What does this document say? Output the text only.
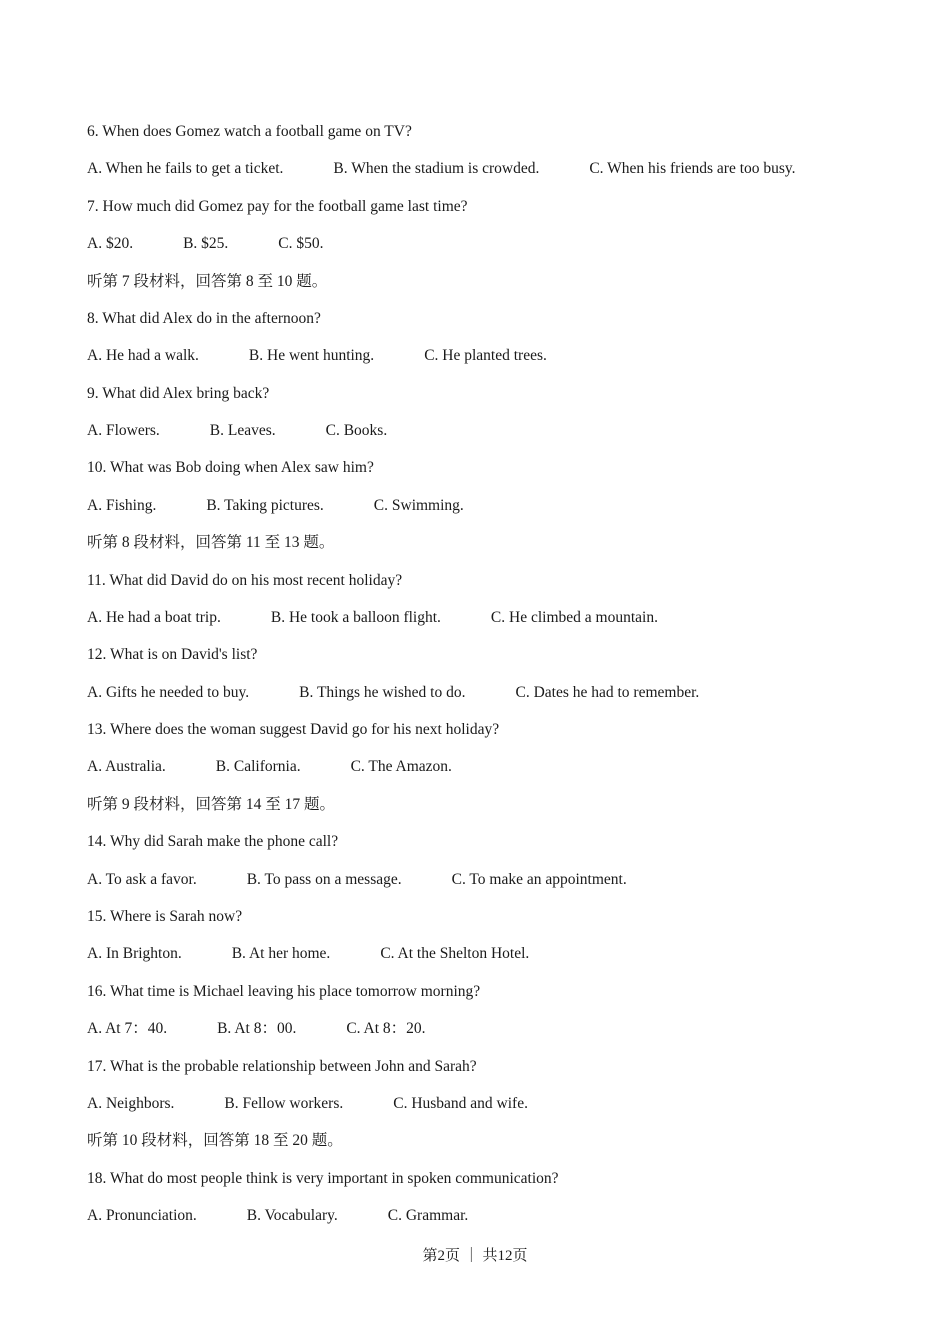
6. When does Gomez watch a football game on TV?
A. When he fails to get a ticket.	B. When the stadium is crowded.	C. When his friends are too busy.
7. How much did Gomez pay for the football game last time?
A. $20.	B. $25.	C. $50.
听第 7 段材料，回答第 8 至 10 题。
8. What did Alex do in the afternoon?
A. He had a walk.	B. He went hunting.	C. He planted trees.
9. What did Alex bring back?
A. Flowers.	B. Leaves.	C. Books.
10. What was Bob doing when Alex saw him?
A. Fishing.	B. Taking pictures.	C. Swimming.
听第 8 段材料，回答第 11 至 13 题。
11. What did David do on his most recent holiday?
A. He had a boat trip.	B. He took a balloon flight.	C. He climbed a mountain.
12. What is on David's list?
A. Gifts he needed to buy.	B. Things he wished to do.	C. Dates he had to remember.
13. Where does the woman suggest David go for his next holiday?
A. Australia.	B. California.	C. The Amazon.
听第 9 段材料，回答第 14 至 17 题。
14. Why did Sarah make the phone call?
A. To ask a favor.	B. To pass on a message.	C. To make an appointment.
15. Where is Sarah now?
A. In Brighton.	B. At her home.	C. At the Shelton Hotel.
16. What time is Michael leaving his place tomorrow morning?
A. At 7：40.	B. At 8：00.	C. At 8：20.
17. What is the probable relationship between John and Sarah?
A. Neighbors.	B. Fellow workers.	C. Husband and wife.
听第 10 段材料，回答第 18 至 20 题。
18. What do most people think is very important in spoken communication?
A. Pronunciation.	B. Vocabulary.	C. Grammar.
第2页 ｜ 共12页
